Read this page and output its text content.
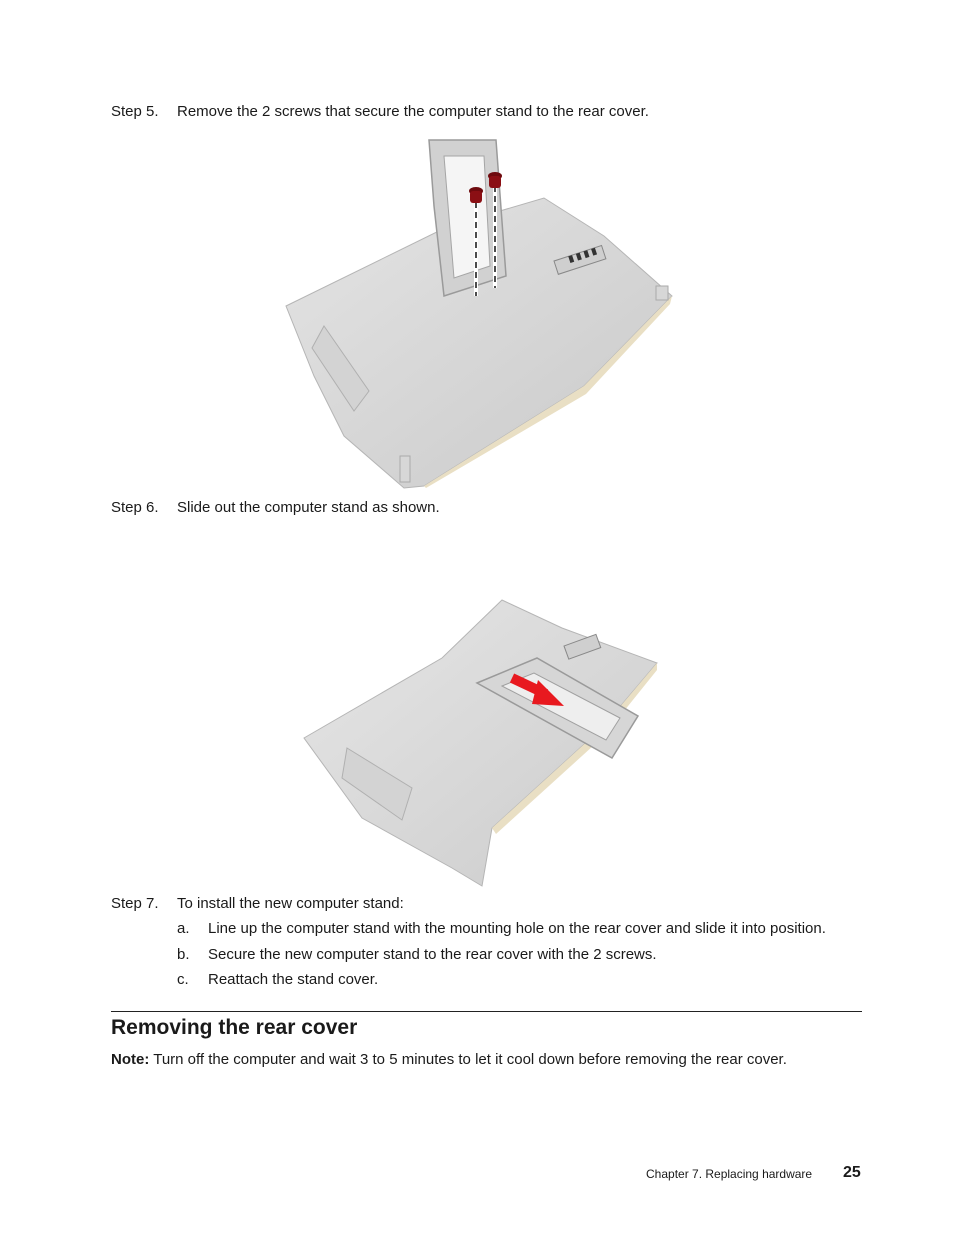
Step 5.	Remove the 2 screws that secure the computer stand to the rear cover.
Step 6.	Slide out the computer stand as shown.
Step 7.	To install the new computer stand:
a. Line up the computer stand with the mounting hole on the rear cover and slide it into position.
b. Secure the new computer stand to the rear cover with the 2 screws.
c. Reattach the stand cover.
Removing the rear cover
Note: Turn off the computer and wait 3 to 5 minutes to let it cool down before removing the rear cover.
Chapter 7. Replacing hardware 25
